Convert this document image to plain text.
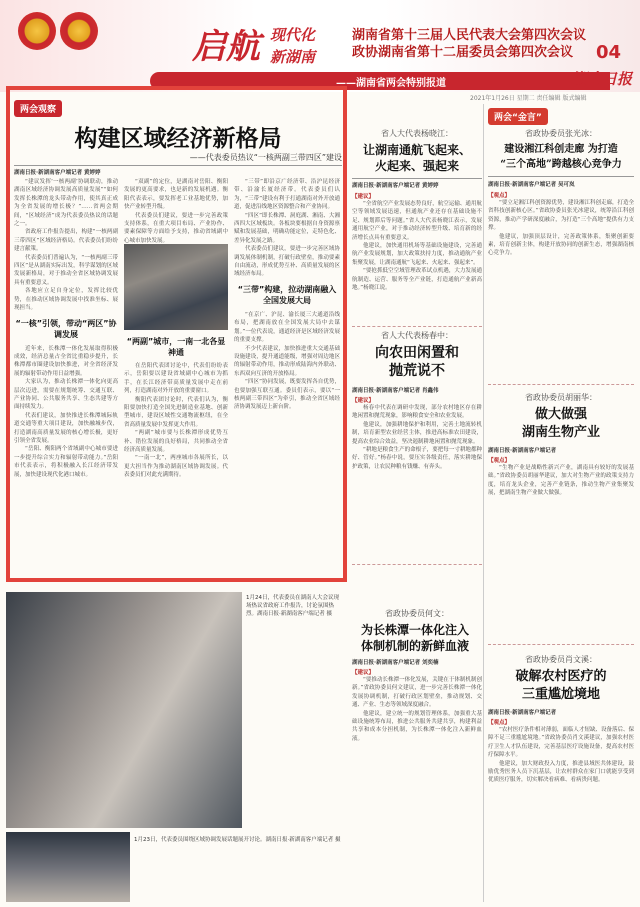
启航 现代化
新湖南
湖南省第十三届人民代表大会第四次会议
政协湖南省第十二届委员会第四次会议
——湖南省两会特别报道
04
湖南日报
2021年1月26日 星期二 责任编辑 版式编辑
两会观察
构建区域经济新格局
——代表委员热议“一核两副三带四区”建设
湖南日报·新湖南客户端记者 黄婷婷

“建议发挥‘一核两副’协调联动，推动湖南区域经济协调发展高质量发展”“如何发挥长株潭的龙头带动作用，使其真正成为全省发展的增长极？”……省两会期间，“区域经济”成为代表委员热议的话题之一。

省政府工作报告提出，构建“一核两副三带四区”区域经济格局。代表委员们纷纷建言献策。

代表委员们普遍认为，“一核两副三带四区”是从湖南实际出发，科学谋划的区域发展新格局，对于推动全省区域协调发展具有重要意义。

各地应立足自身定位，发挥比较优势，在推动区域协调发展中找准坐标、展现担当。

“一核”引领，带动“两区”协调发展

近年来，长株潭一体化发展取得积极成效，经济总量占全省比重稳步提升，长株潭都市圈建设加快推进，对全省经济发展的辐射带动作用日益增强。

大家认为，推动长株潭一体化向更高层次迈进，需要在规划统筹、交通互联、产业协同、公共服务共享、生态共建等方面持续发力。

代表们建议，加快推进长株潭城际轨道交通等重大项目建设，加快融城步伐，打造湖南高质量发展的核心增长极，更好引领全省发展。

“岳阳、衡阳两个省域副中心城市要进一步提升综合实力和辐射带动能力。”岳阳市代表表示，将积极融入长江经济带发展，加快建设现代化港口城市。

“双副”的定位，是湖南对岳阳、衡阳发展的更高要求，也是新的发展机遇。衡阳代表表示，要发挥老工业基地优势，加快产业转型升级。

代表委员们建议，要进一步完善政策支持体系，在重大项目布局、产业协作、要素保障等方面给予支持，推动省域副中心城市加快发展。

“两副”城市，一南一北各显神通

在岳阳代表团讨论中，代表们纷纷表示，岳阳要以建设省域副中心城市为抓手，在长江经济带高质量发展中走在前列，打造湖南对外开放的重要窗口。

衡阳代表团讨论时，代表们认为，衡阳要加快打造全国先进制造业基地、创新型城市，建设区域性交通物流枢纽，在全省高质量发展中发挥更大作用。

“两副”城市要与长株潭形成优势互补、错位发展的良好格局，共同推动全省经济高质量发展。

“一南一北”，两座城市各展所长，以更大担当作为推动湖南区域协调发展。代表委员们对此充满期待。

“三带”即沿京广经济带、沿沪昆经济带、沿渝长厦经济带。代表委员们认为，“三带”建设有利于打通湖南对外开放通道，促进沿线地区资源整合和产业协同。

“四区”即长株潭、洞庭湖、湘南、大湘西四大区域板块。各板块要根据自身资源禀赋和发展基础，明确功能定位，走特色化、差异化发展之路。

代表委员们建议，要进一步完善区域协调发展体制机制，打破行政壁垒，推动要素自由流动，形成优势互补、高质量发展的区域经济布局。

“三带”构建，拉动湖南融入全国发展大局

“在京广、沪昆、渝长厦三大通道沿线布局，把湖南放在全国发展大局中去谋划。”一位代表说，通道经济是区域经济发展的重要支撑。

不少代表建议，加快推进重大交通基础设施建设，提升通道能级，增强对周边地区的辐射带动作用，推动形成陆海内外联动、东西双向互济的开放格局。

“四区”协同发展，既要发挥各自优势，也要加强互联互通。委员们表示，要以“一核两副三带四区”为牵引，推动全省区域经济协调发展迈上新台阶。

1月24日，代表委员在湖南人大会议现场热议省政府工作报告，讨论氛围热烈。湖南日报·新湖南客户端记者 摄
1月23日，代表委员围绕区域协调发展话题展开讨论。湖南日报·新湖南客户端记者 摄
省人大代表杨晓江：
让湖南通航飞起来、
火起来、强起来
湖南日报·新湖南客户端记者 黄婷婷
【建议】

“全省航空产业发展态势良好，航空运输、通用航空等领域发展迅速，但通航产业还存在基础设施不足、规划滞后等问题。”省人大代表杨晓江表示，发展通用航空产业，对于推动经济转型升级、培育新的经济增长点具有重要意义。

他建议，加快通用机场等基础设施建设，完善通航产业发展规划，加大政策扶持力度，推动通航产业集聚发展，让湖南通航“飞起来、火起来、强起来”。

“要抢抓低空空域管理改革试点机遇，大力发展通航制造、运营、服务等全产业链，打造通航产业新高地。”杨晓江说。

省人大代表杨春中：
向农田闲置和
抛荒说不
湖南日报·新湖南客户端记者 肖鑫伟
【建议】

杨春中代表在调研中发现，部分农村地区存在耕地闲置和抛荒现象，影响粮食安全和农业发展。

他建议，加强耕地保护和利用，完善土地流转机制，培育新型农业经营主体，推进高标准农田建设，提高农业综合效益，坚决遏制耕地闲置和抛荒现象。

“耕地是粮食生产的命根子，要把每一寸耕地都种好、管好。”杨春中说，要压实各级责任，落实耕地保护政策，让农民种粮有钱赚、有奔头。

省政协委员何文：
为长株潭一体化注入
体制机制的新鲜血液
湖南日报·新湖南客户端记者 刘奕楠
【建议】

“要推动长株潭一体化发展，关键在于体制机制创新。”省政协委员何文建议，进一步完善长株潭一体化发展协调机制，打破行政区划壁垒，推动规划、交通、产业、生态等领域深度融合。

他建议，建立统一的规划管理体系，加强重大基础设施统筹布局，推进公共服务共建共享，构建利益共享和成本分担机制，为长株潭一体化注入新鲜血液。

两会“金言”
省政协委员张光冰：
建设湘江科创走廊 为打造
“三个高地”跨越核心竞争力
湖南日报·新湖南客户端记者 吴可岚
【观点】

“要立足湘江科创资源优势，建设湘江科创走廊，打造全省科技创新核心区。”省政协委员张光冰建议，统筹沿江科创资源，推动产学研深度融合，为打造“三个高地”提供有力支撑。

他建议，加强顶层设计，完善政策体系，集聚创新要素，培育创新主体，构建开放协同的创新生态，增强湖南核心竞争力。

省政协委员胡丽华：
做大做强
湖南生物产业
湖南日报·新湖南客户端记者
【观点】

“生物产业是战略性新兴产业，湖南具有较好的发展基础。”省政协委员胡丽华建议，加大对生物产业的政策支持力度，培育龙头企业，完善产业链条，推动生物产业集聚发展，把湖南生物产业做大做强。

省政协委员肖文溪：
破解农村医疗的
三重尴尬境地
湖南日报·新湖南客户端记者
【观点】

“农村医疗条件相对薄弱，面临人才短缺、设备落后、保障不足三重尴尬境地。”省政协委员肖文溪建议，加强农村医疗卫生人才队伍建设，完善基层医疗设施设备，提高农村医疗保障水平。

他建议，加大财政投入力度，推进县域医共体建设，鼓励优秀医务人员下沉基层，让农村群众在家门口就能享受到优质医疗服务，切实解决看病难、看病贵问题。
